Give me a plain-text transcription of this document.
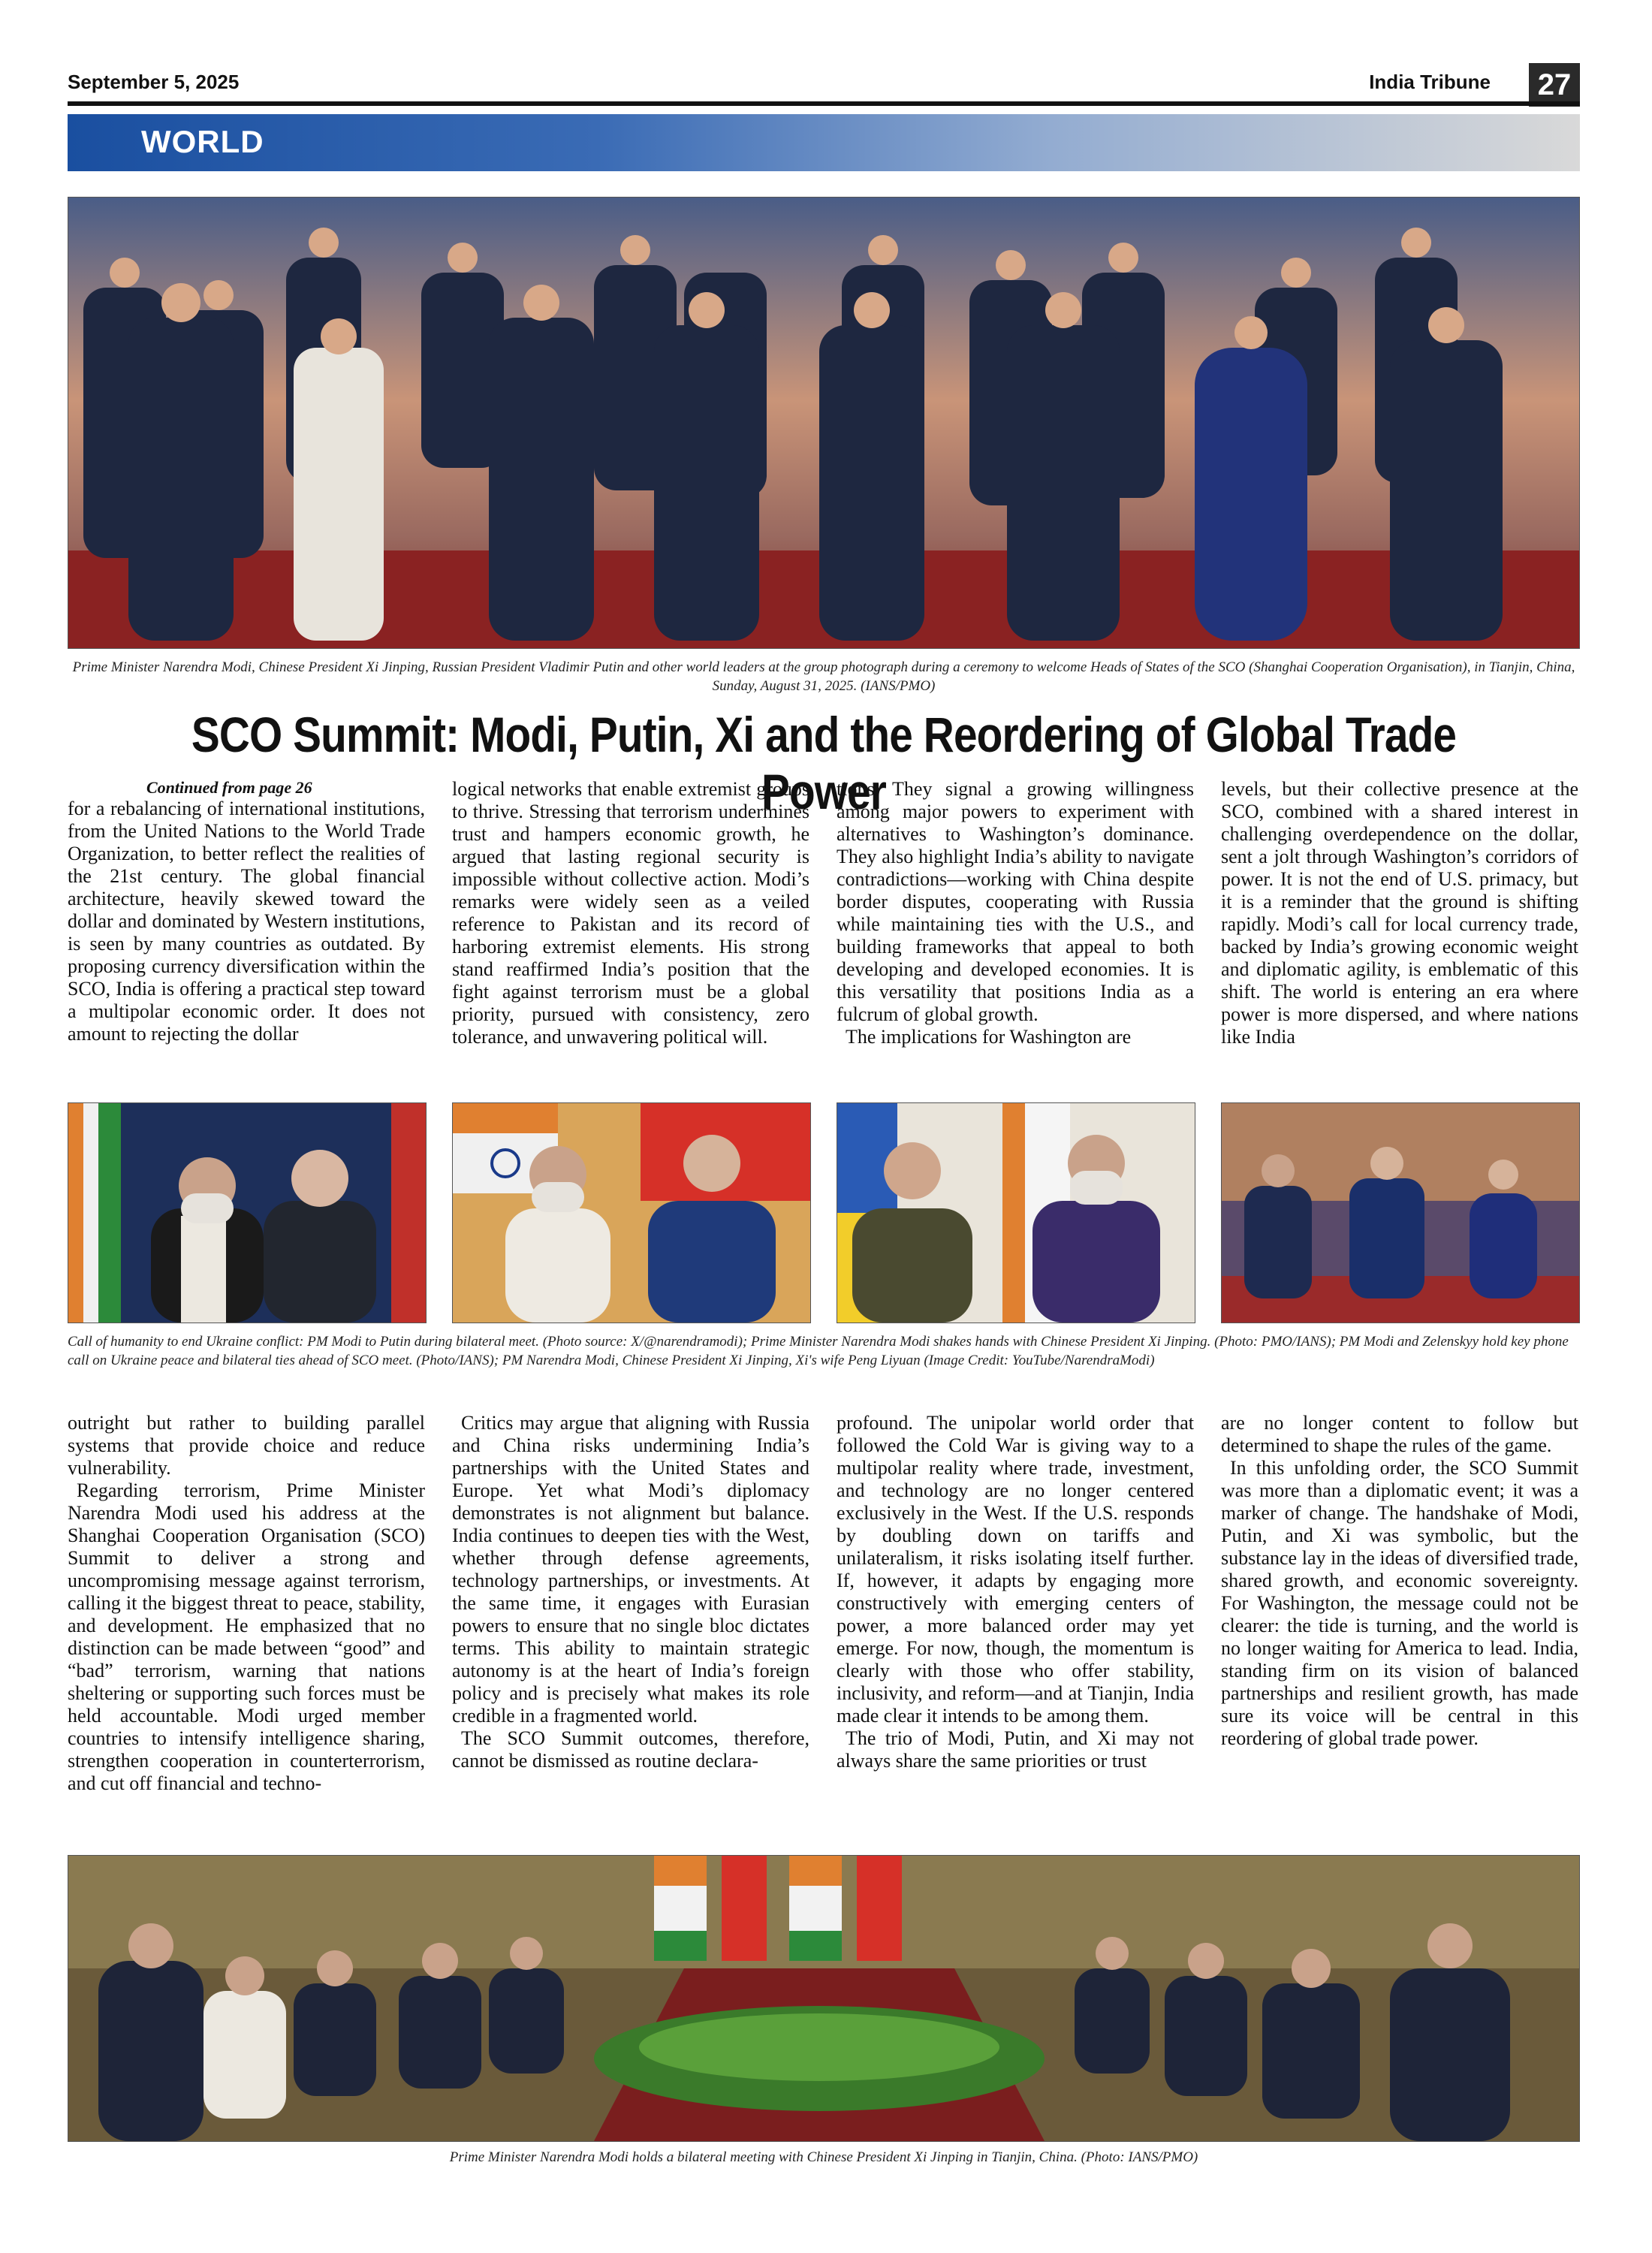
September 5, 2025	India Tribune 27
WORLD
Prime Minister Narendra Modi, Chinese President Xi Jinping, Russian President Vladimir Putin and other world leaders at the group photograph during a ceremony to welcome Heads of States of the SCO (Shanghai Cooperation Organisation), in Tianjin, China, Sunday, August 31, 2025. (IANS/PMO)
SCO Summit: Modi, Putin, Xi and the Reordering of Global Trade Power
Continued from page 26

for a rebalancing of international institutions, from the United Nations to the World Trade Organization, to better reflect the realities of the 21st century. The global financial architecture, heavily skewed toward the dollar and dominated by Western institutions, is seen by many countries as outdated. By proposing currency diversification within the SCO, India is offering a practical step toward a multipolar economic order. It does not amount to rejecting the dollar

logical networks that enable extremist groups to thrive. Stressing that terrorism undermines trust and hampers economic growth, he argued that lasting regional security is impossible without collective action. Modi’s remarks were widely seen as a veiled reference to Pakistan and its record of harboring extremist elements. His strong stand reaffirmed India’s position that the fight against terrorism must be a global priority, pursued with consistency, zero tolerance, and unwavering political will.

tions. They signal a growing willingness among major powers to experiment with alternatives to Washington’s dominance. They also highlight India’s ability to navigate contradictions—working with China despite border disputes, cooperating with Russia while maintaining ties with the U.S., and building frameworks that appeal to both developing and developed economies. It is this versatility that positions India as a fulcrum of global growth.

The implications for Washington are

levels, but their collective presence at the SCO, combined with a shared interest in challenging overdependence on the dollar, sent a jolt through Washington’s corridors of power. It is not the end of U.S. primacy, but it is a reminder that the ground is shifting rapidly. Modi’s call for local currency trade, backed by India’s growing economic weight and diplomatic agility, is emblematic of this shift. The world is entering an era where power is more dispersed, and where nations like India

Call of humanity to end Ukraine conflict: PM Modi to Putin during bilateral meet. (Photo source: X/@narendramodi); Prime Minister Narendra Modi shakes hands with Chinese President Xi Jinping. (Photo: PMO/IANS); PM Modi and Zelenskyy hold key phone call on Ukraine peace and bilateral ties ahead of SCO meet. (Photo/IANS); PM Narendra Modi, Chinese President Xi Jinping, Xi's wife Peng Liyuan (Image Credit: YouTube/NarendraModi)

outright but rather to building parallel systems that provide choice and reduce vulnerability.

Regarding terrorism, Prime Minister Narendra Modi used his address at the Shanghai Cooperation Organisation (SCO) Summit to deliver a strong and uncompromising message against terrorism, calling it the biggest threat to peace, stability, and development. He emphasized that no distinction can be made between “good” and “bad” terrorism, warning that nations sheltering or supporting such forces must be held accountable. Modi urged member countries to intensify intelligence sharing, strengthen cooperation in counterterrorism, and cut off financial and techno-

Critics may argue that aligning with Russia and China risks undermining India’s partnerships with the United States and Europe. Yet what Modi’s diplomacy demonstrates is not alignment but balance. India continues to deepen ties with the West, whether through defense agreements, technology partnerships, or investments. At the same time, it engages with Eurasian powers to ensure that no single bloc dictates terms. This ability to maintain strategic autonomy is at the heart of India’s foreign policy and is precisely what makes its role credible in a fragmented world.

The SCO Summit outcomes, therefore, cannot be dismissed as routine declara-

profound. The unipolar world order that followed the Cold War is giving way to a multipolar reality where trade, investment, and technology are no longer centered exclusively in the West. If the U.S. responds by doubling down on tariffs and unilateralism, it risks isolating itself further. If, however, it adapts by engaging more constructively with emerging centers of power, a more balanced order may yet emerge. For now, though, the momentum is clearly with those who offer stability, inclusivity, and reform—and at Tianjin, India made clear it intends to be among them.

The trio of Modi, Putin, and Xi may not always share the same priorities or trust

are no longer content to follow but determined to shape the rules of the game.

In this unfolding order, the SCO Summit was more than a diplomatic event; it was a marker of change. The handshake of Modi, Putin, and Xi was symbolic, but the substance lay in the ideas of diversified trade, shared growth, and economic sovereignty. For Washington, the message could not be clearer: the tide is turning, and the world is no longer waiting for America to lead. India, standing firm on its vision of balanced partnerships and resilient growth, has made sure its voice will be central in this reordering of global trade power.

Prime Minister Narendra Modi holds a bilateral meeting with Chinese President Xi Jinping in Tianjin, China. (Photo: IANS/PMO)
